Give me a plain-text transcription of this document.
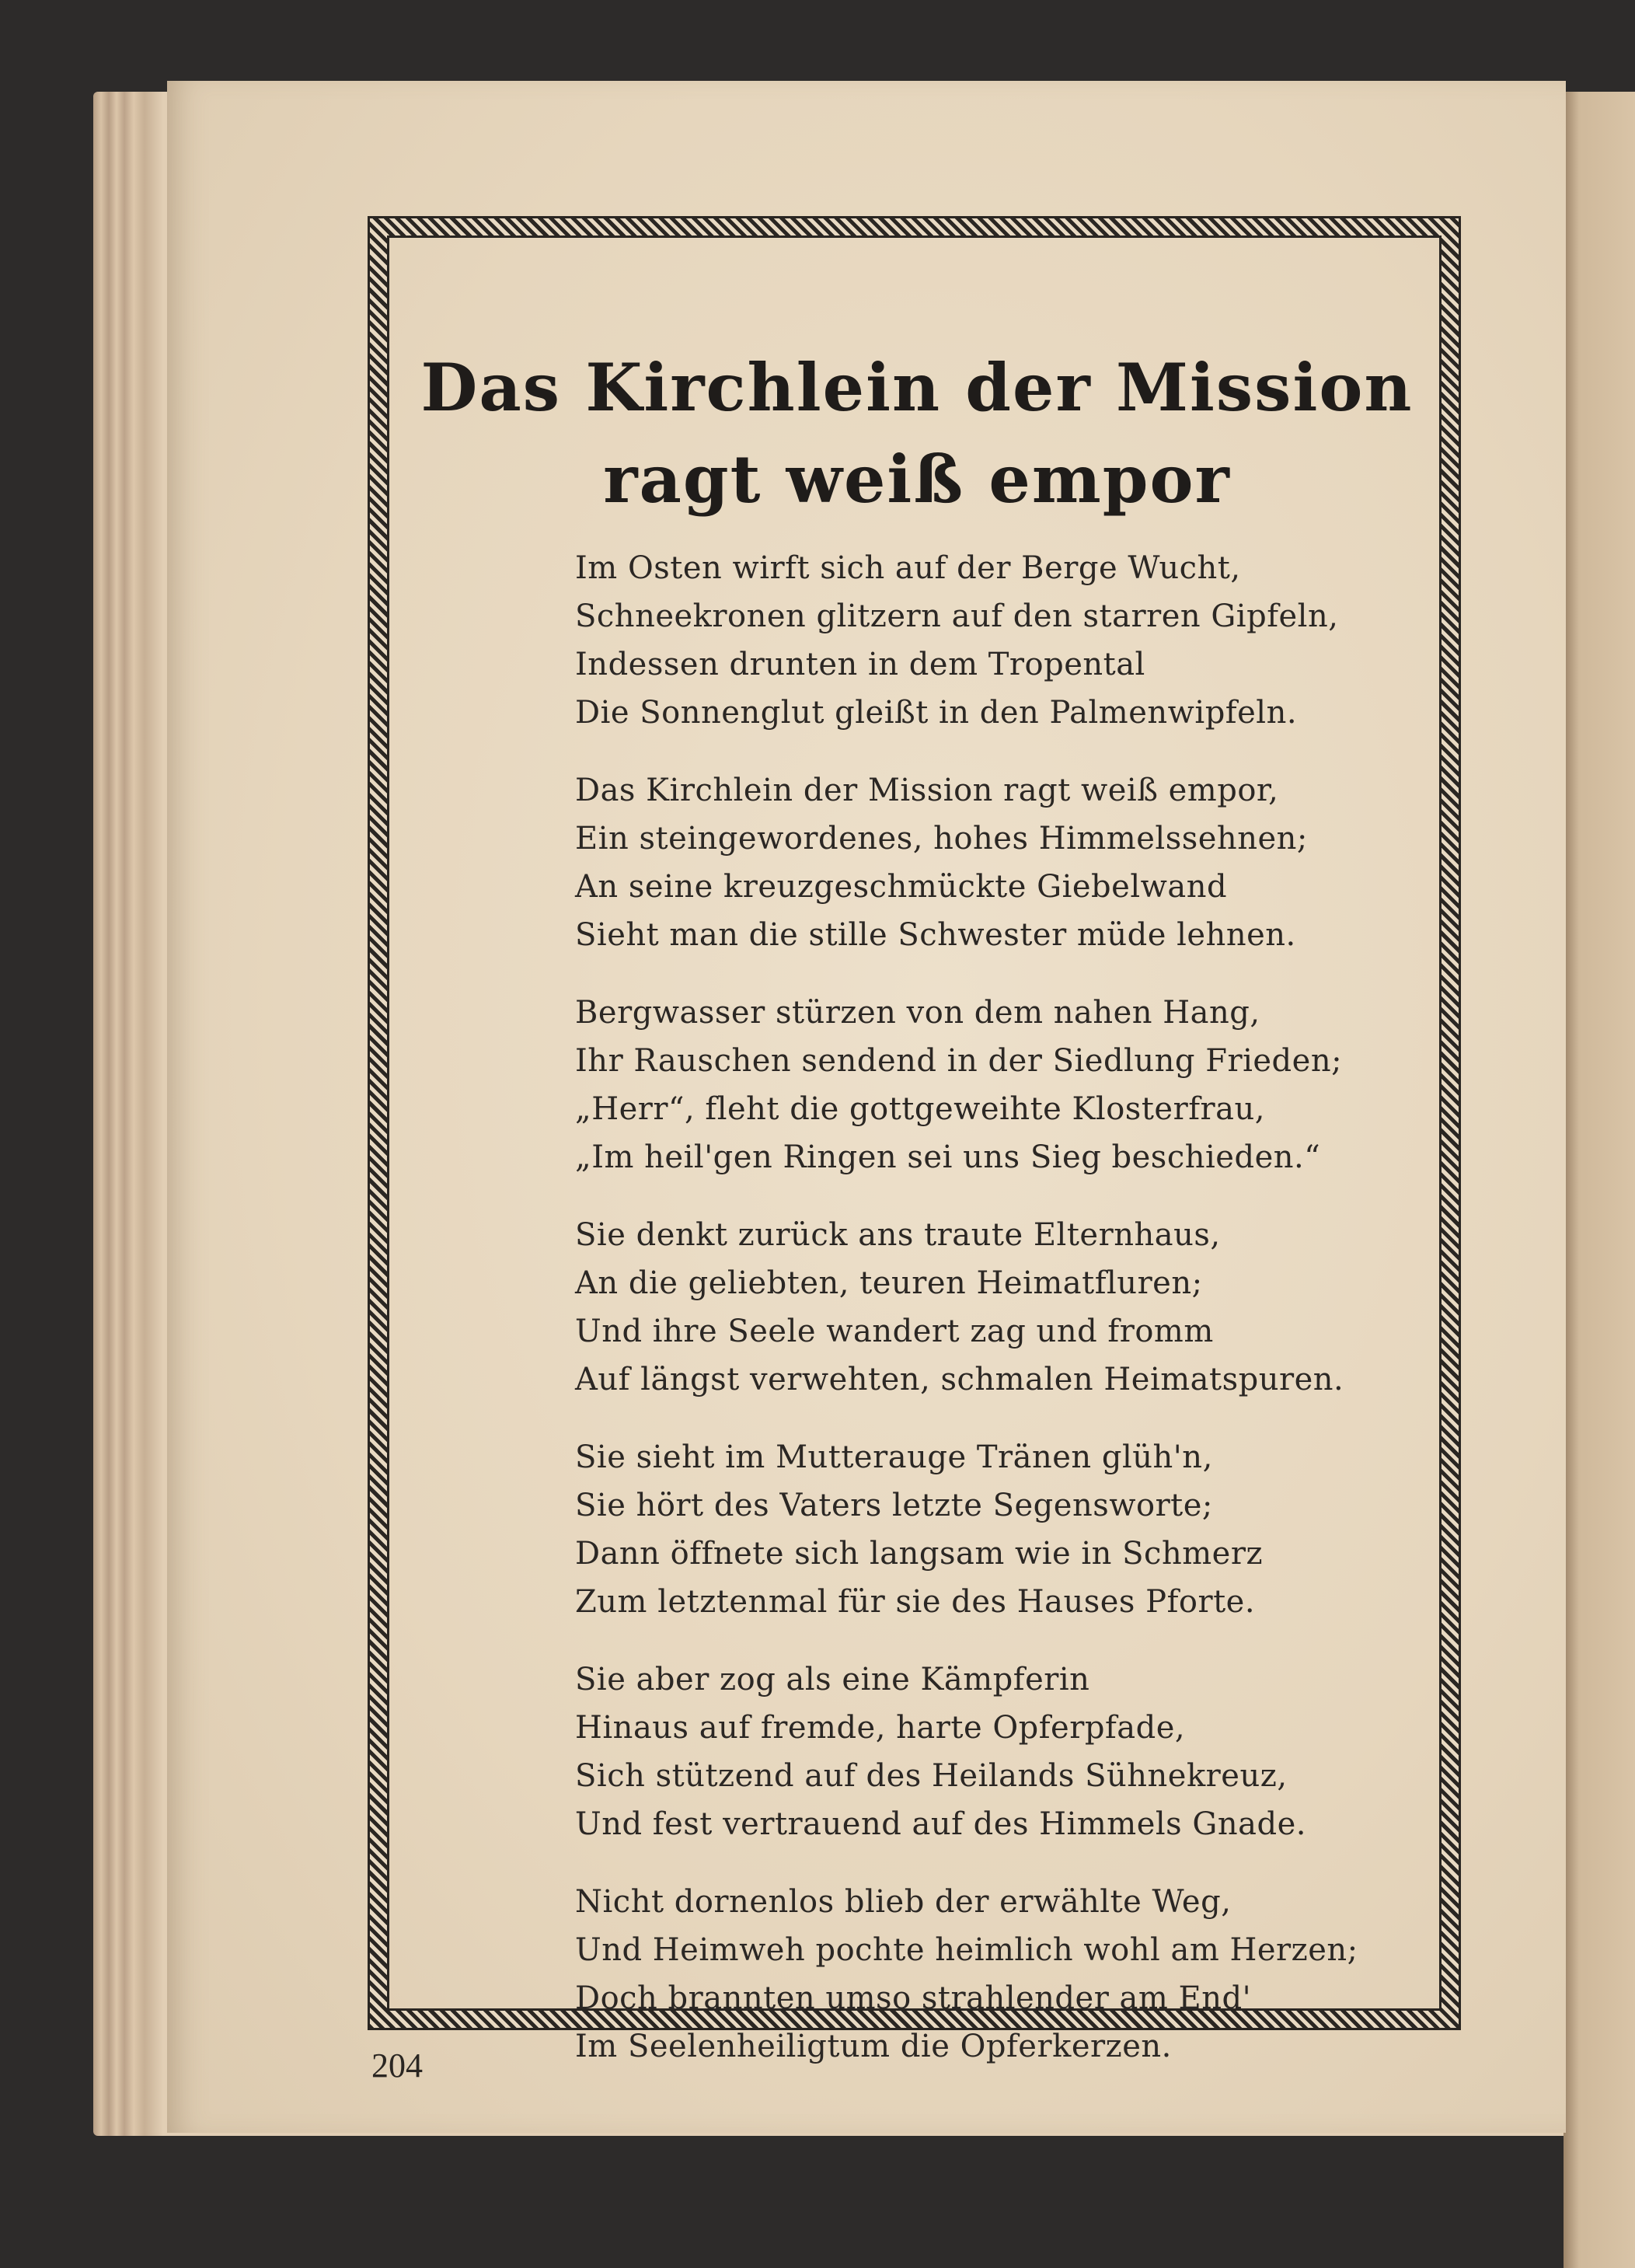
Das Kirchlein der Mission
ragt weiß empor
Im Osten wirft sich auf der Berge Wucht,
Schneekronen glitzern auf den starren Gipfeln,
Indessen drunten in dem Tropental
Die Sonnenglut gleißt in den Palmenwipfeln.
Das Kirchlein der Mission ragt weiß empor,
Ein steingewordenes, hohes Himmelssehnen;
An seine kreuzgeschmückte Giebelwand
Sieht man die stille Schwester müde lehnen.
Bergwasser stürzen von dem nahen Hang,
Ihr Rauschen sendend in der Siedlung Frieden;
„Herr“, fleht die gottgeweihte Klosterfrau,
„Im heil'gen Ringen sei uns Sieg beschieden.“
Sie denkt zurück ans traute Elternhaus,
An die geliebten, teuren Heimatfluren;
Und ihre Seele wandert zag und fromm
Auf längst verwehten, schmalen Heimatspuren.
Sie sieht im Mutterauge Tränen glüh'n,
Sie hört des Vaters letzte Segensworte;
Dann öffnete sich langsam wie in Schmerz
Zum letztenmal für sie des Hauses Pforte.
Sie aber zog als eine Kämpferin
Hinaus auf fremde, harte Opferpfade,
Sich stützend auf des Heilands Sühnekreuz,
Und fest vertrauend auf des Himmels Gnade.
Nicht dornenlos blieb der erwählte Weg,
Und Heimweh pochte heimlich wohl am Herzen;
Doch brannten umso strahlender am End'
Im Seelenheiligtum die Opferkerzen.
204
